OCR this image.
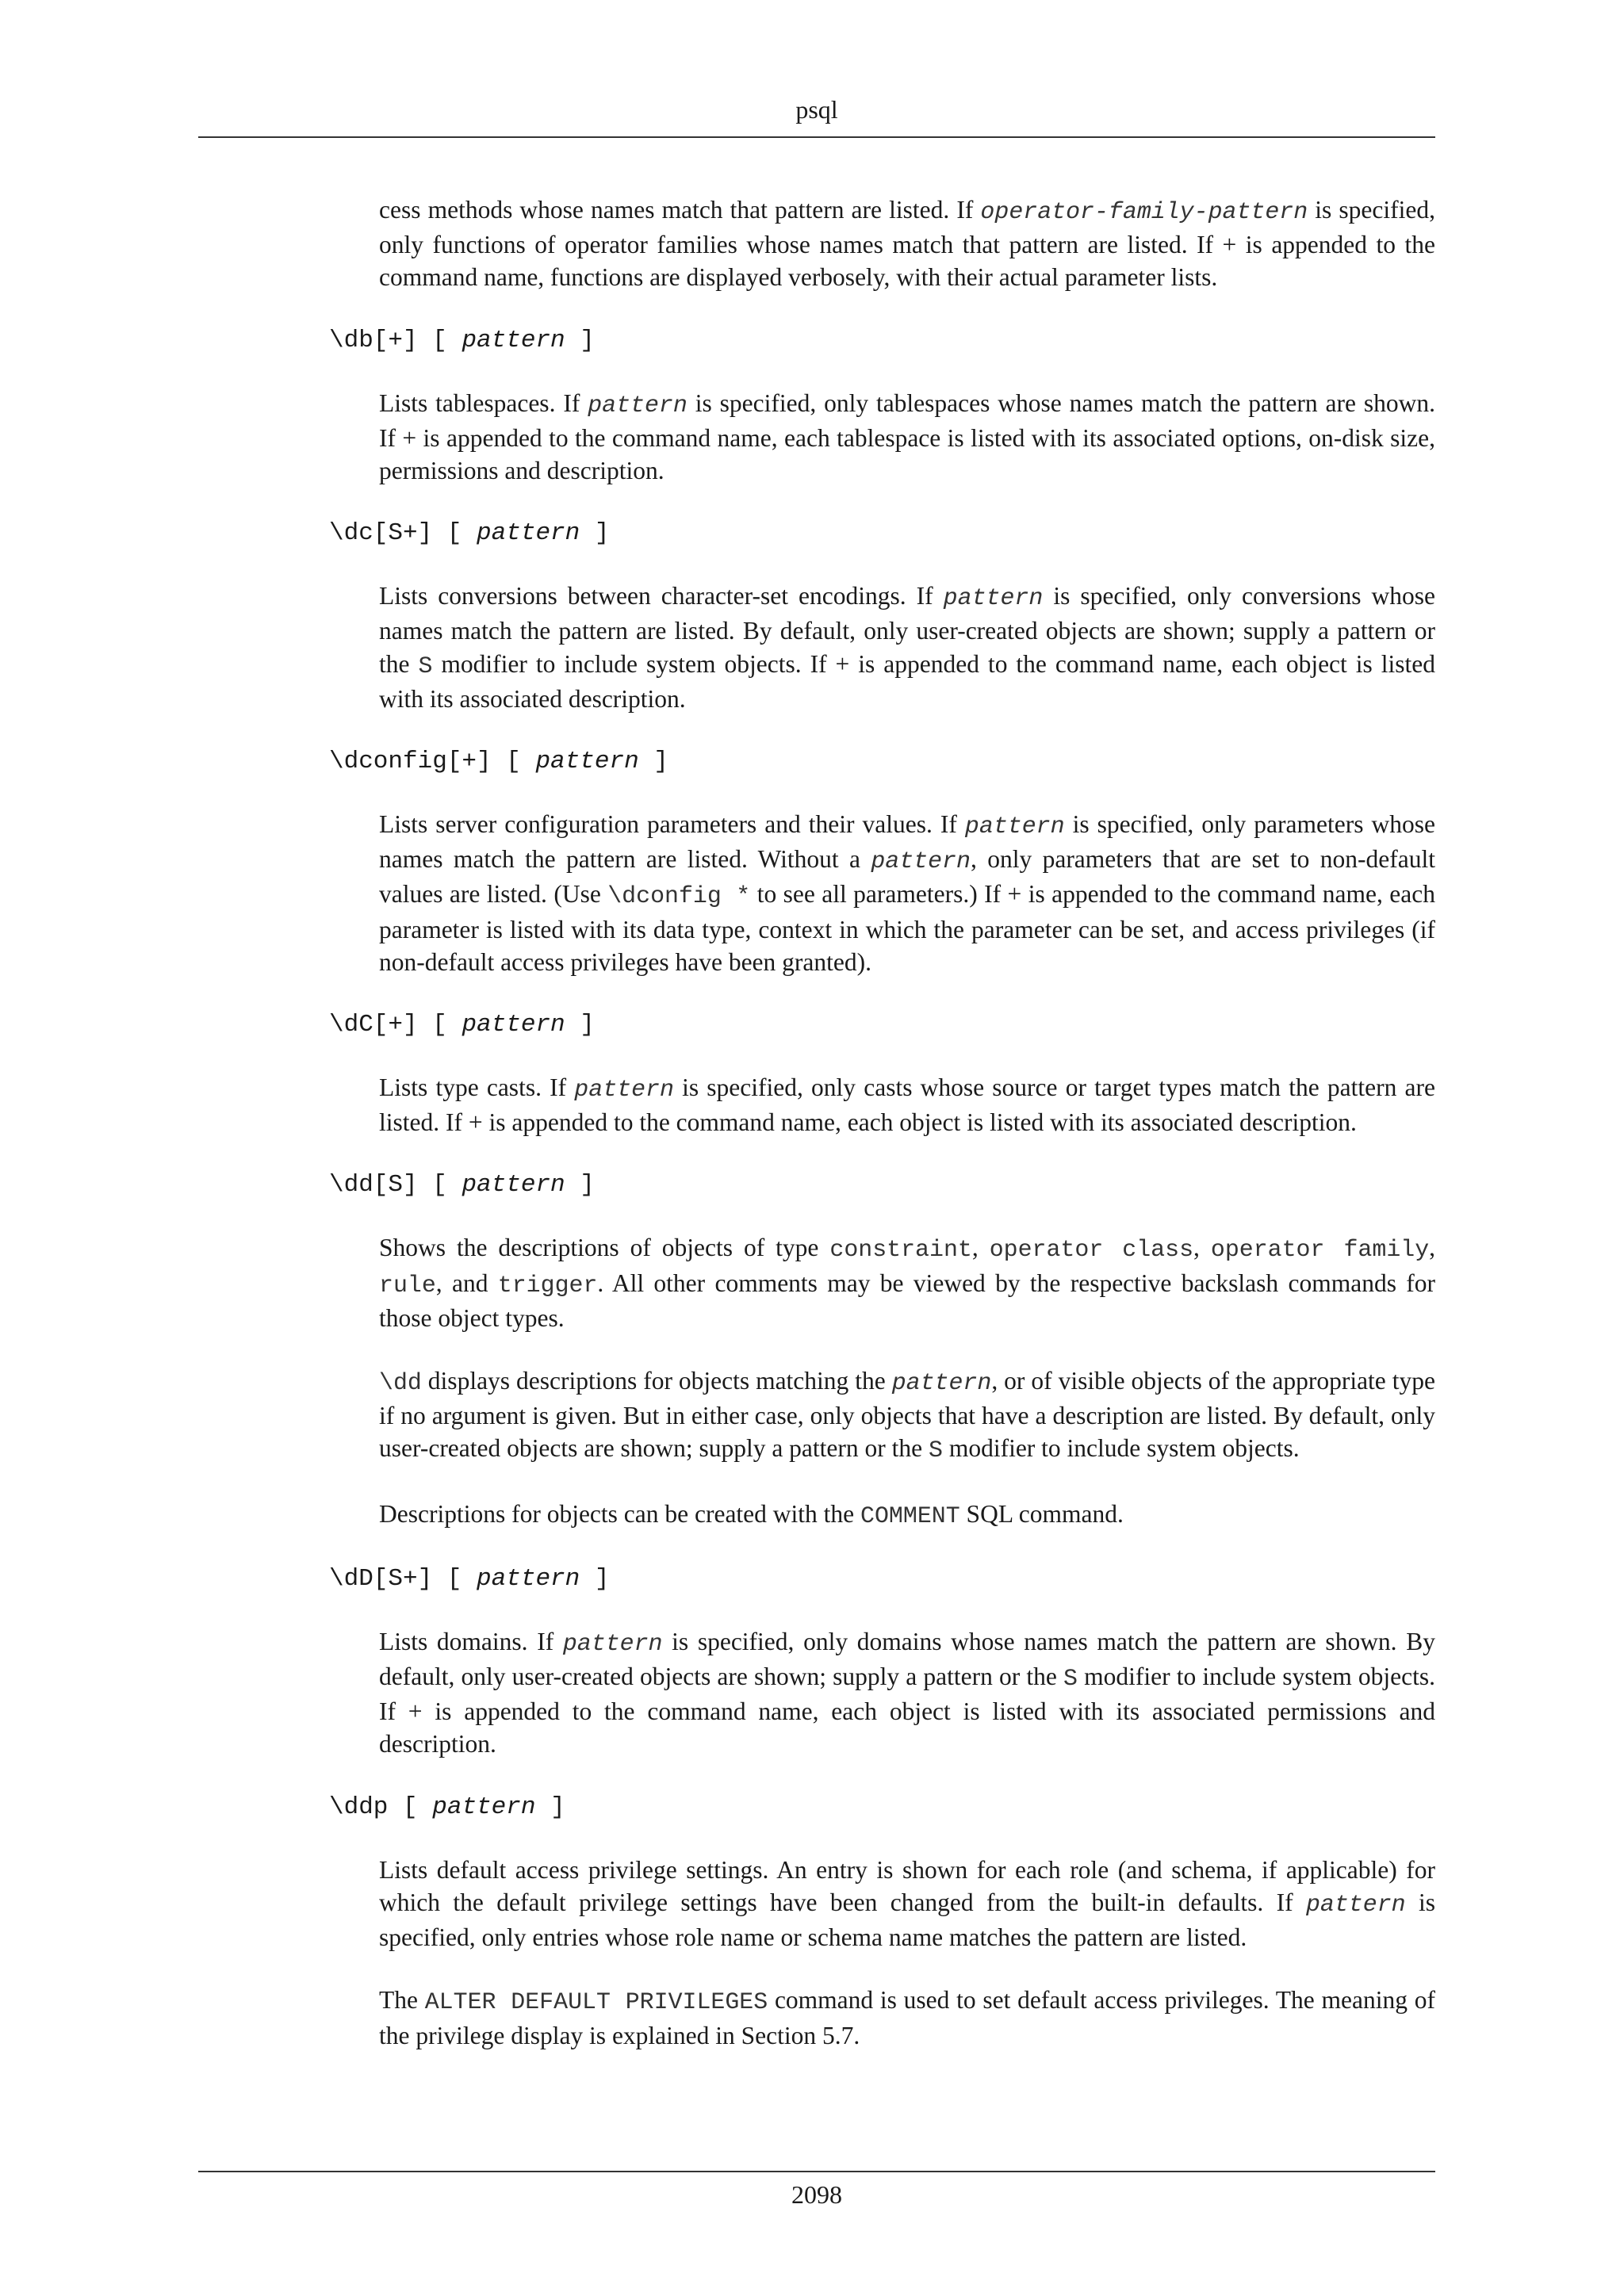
psql

cess methods whose names match that pattern are listed. If operator-family-pattern is specified, only functions of operator families whose names match that pattern are listed. If + is appended to the command name, functions are displayed verbosely, with their actual parameter lists.

\db[+] [ pattern ]

Lists tablespaces. If pattern is specified, only tablespaces whose names match the pattern are shown. If + is appended to the command name, each tablespace is listed with its associated options, on-disk size, permissions and description.

\dc[S+] [ pattern ]

Lists conversions between character-set encodings. If pattern is specified, only conversions whose names match the pattern are listed. By default, only user-created objects are shown; supply a pattern or the S modifier to include system objects. If + is appended to the command name, each object is listed with its associated description.

\dconfig[+] [ pattern ]

Lists server configuration parameters and their values. If pattern is specified, only parameters whose names match the pattern are listed. Without a pattern, only parameters that are set to non-default values are listed. (Use \dconfig * to see all parameters.) If + is appended to the command name, each parameter is listed with its data type, context in which the parameter can be set, and access privileges (if non-default access privileges have been granted).

\dC[+] [ pattern ]

Lists type casts. If pattern is specified, only casts whose source or target types match the pattern are listed. If + is appended to the command name, each object is listed with its associated description.

\dd[S] [ pattern ]

Shows the descriptions of objects of type constraint, operator class, operator family, rule, and trigger. All other comments may be viewed by the respective backslash commands for those object types.

\dd displays descriptions for objects matching the pattern, or of visible objects of the appropriate type if no argument is given. But in either case, only objects that have a description are listed. By default, only user-created objects are shown; supply a pattern or the S modifier to include system objects.

Descriptions for objects can be created with the COMMENT SQL command.

\dD[S+] [ pattern ]

Lists domains. If pattern is specified, only domains whose names match the pattern are shown. By default, only user-created objects are shown; supply a pattern or the S modifier to include system objects. If + is appended to the command name, each object is listed with its associated permissions and description.

\ddp [ pattern ]

Lists default access privilege settings. An entry is shown for each role (and schema, if applicable) for which the default privilege settings have been changed from the built-in defaults. If pattern is specified, only entries whose role name or schema name matches the pattern are listed.

The ALTER DEFAULT PRIVILEGES command is used to set default access privileges. The meaning of the privilege display is explained in Section 5.7.

2098
